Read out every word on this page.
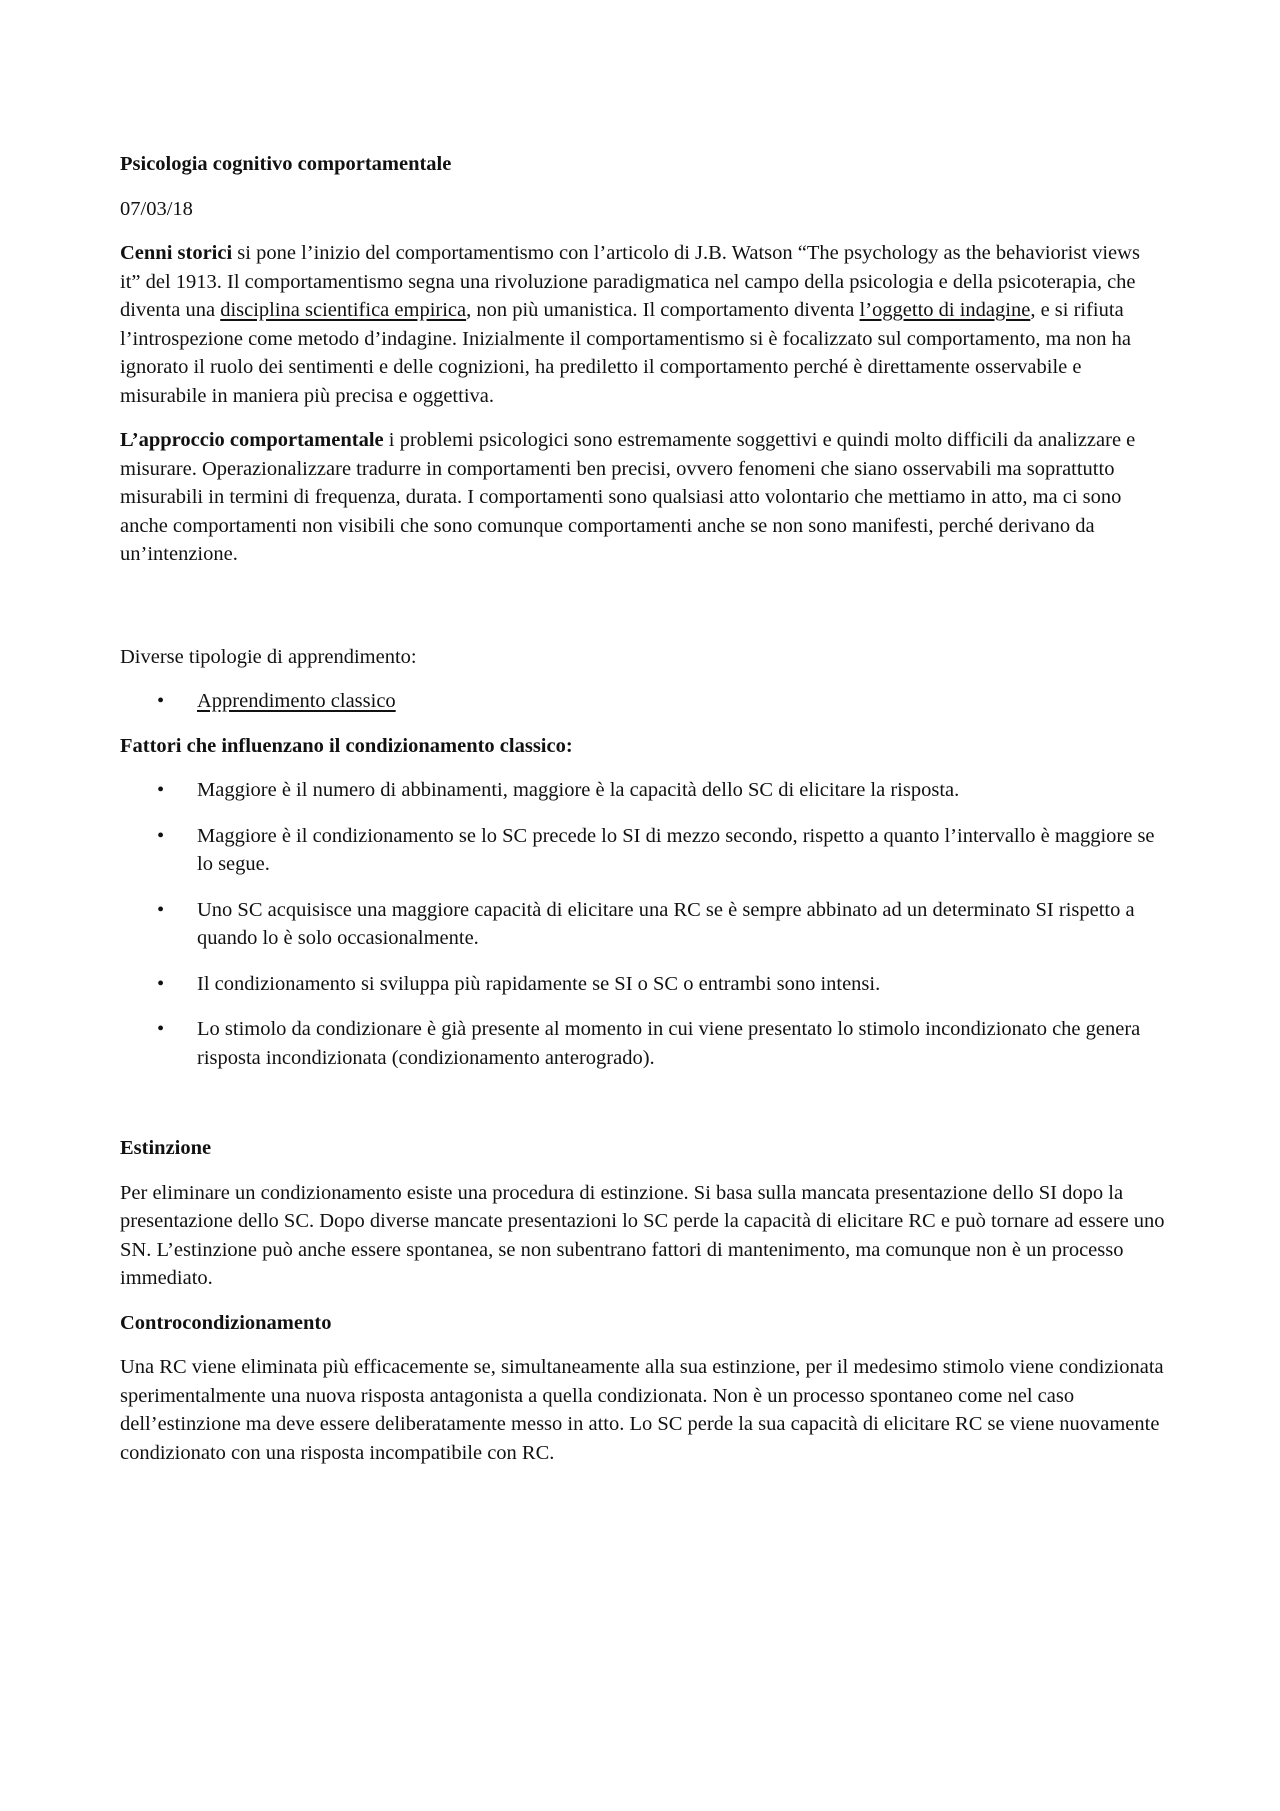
Psicologia cognitivo comportamentale

07/03/18

Cenni storici si pone l’inizio del comportamentismo con l’articolo di J.B. Watson “The psychology as the behaviorist views it” del 1913. Il comportamentismo segna una rivoluzione paradigmatica nel campo della psicologia e della psicoterapia, che diventa una disciplina scientifica empirica, non più umanistica. Il comportamento diventa l’oggetto di indagine, e si rifiuta l’introspezione come metodo d’indagine. Inizialmente il comportamentismo si è focalizzato sul comportamento, ma non ha ignorato il ruolo dei sentimenti e delle cognizioni, ha prediletto il comportamento perché è direttamente osservabile e misurabile in maniera più precisa e oggettiva.

L’approccio comportamentale i problemi psicologici sono estremamente soggettivi e quindi molto difficili da analizzare e misurare. Operazionalizzare tradurre in comportamenti ben precisi, ovvero fenomeni che siano osservabili ma soprattutto misurabili in termini di frequenza, durata. I comportamenti sono qualsiasi atto volontario che mettiamo in atto, ma ci sono anche comportamenti non visibili che sono comunque comportamenti anche se non sono manifesti, perché derivano da un’intenzione.

Diverse tipologie di apprendimento:

• Apprendimento classico

Fattori che influenzano il condizionamento classico:

• Maggiore è il numero di abbinamenti, maggiore è la capacità dello SC di elicitare la risposta.
• Maggiore è il condizionamento se lo SC precede lo SI di mezzo secondo, rispetto a quanto l’intervallo è maggiore se lo segue.
• Uno SC acquisisce una maggiore capacità di elicitare una RC se è sempre abbinato ad un determinato SI rispetto a quando lo è solo occasionalmente.
• Il condizionamento si sviluppa più rapidamente se SI o SC o entrambi sono intensi.
• Lo stimolo da condizionare è già presente al momento in cui viene presentato lo stimolo incondizionato che genera risposta incondizionata (condizionamento anterogrado).

Estinzione

Per eliminare un condizionamento esiste una procedura di estinzione. Si basa sulla mancata presentazione dello SI dopo la presentazione dello SC. Dopo diverse mancate presentazioni lo SC perde la capacità di elicitare RC e può tornare ad essere uno SN. L’estinzione può anche essere spontanea, se non subentrano fattori di mantenimento, ma comunque non è un processo immediato.

Controcondizionamento

Una RC viene eliminata più efficacemente se, simultaneamente alla sua estinzione, per il medesimo stimolo viene condizionata sperimentalmente una nuova risposta antagonista a quella condizionata. Non è un processo spontaneo come nel caso dell’estinzione ma deve essere deliberatamente messo in atto. Lo SC perde la sua capacità di elicitare RC se viene nuovamente condizionato con una risposta incompatibile con RC.
